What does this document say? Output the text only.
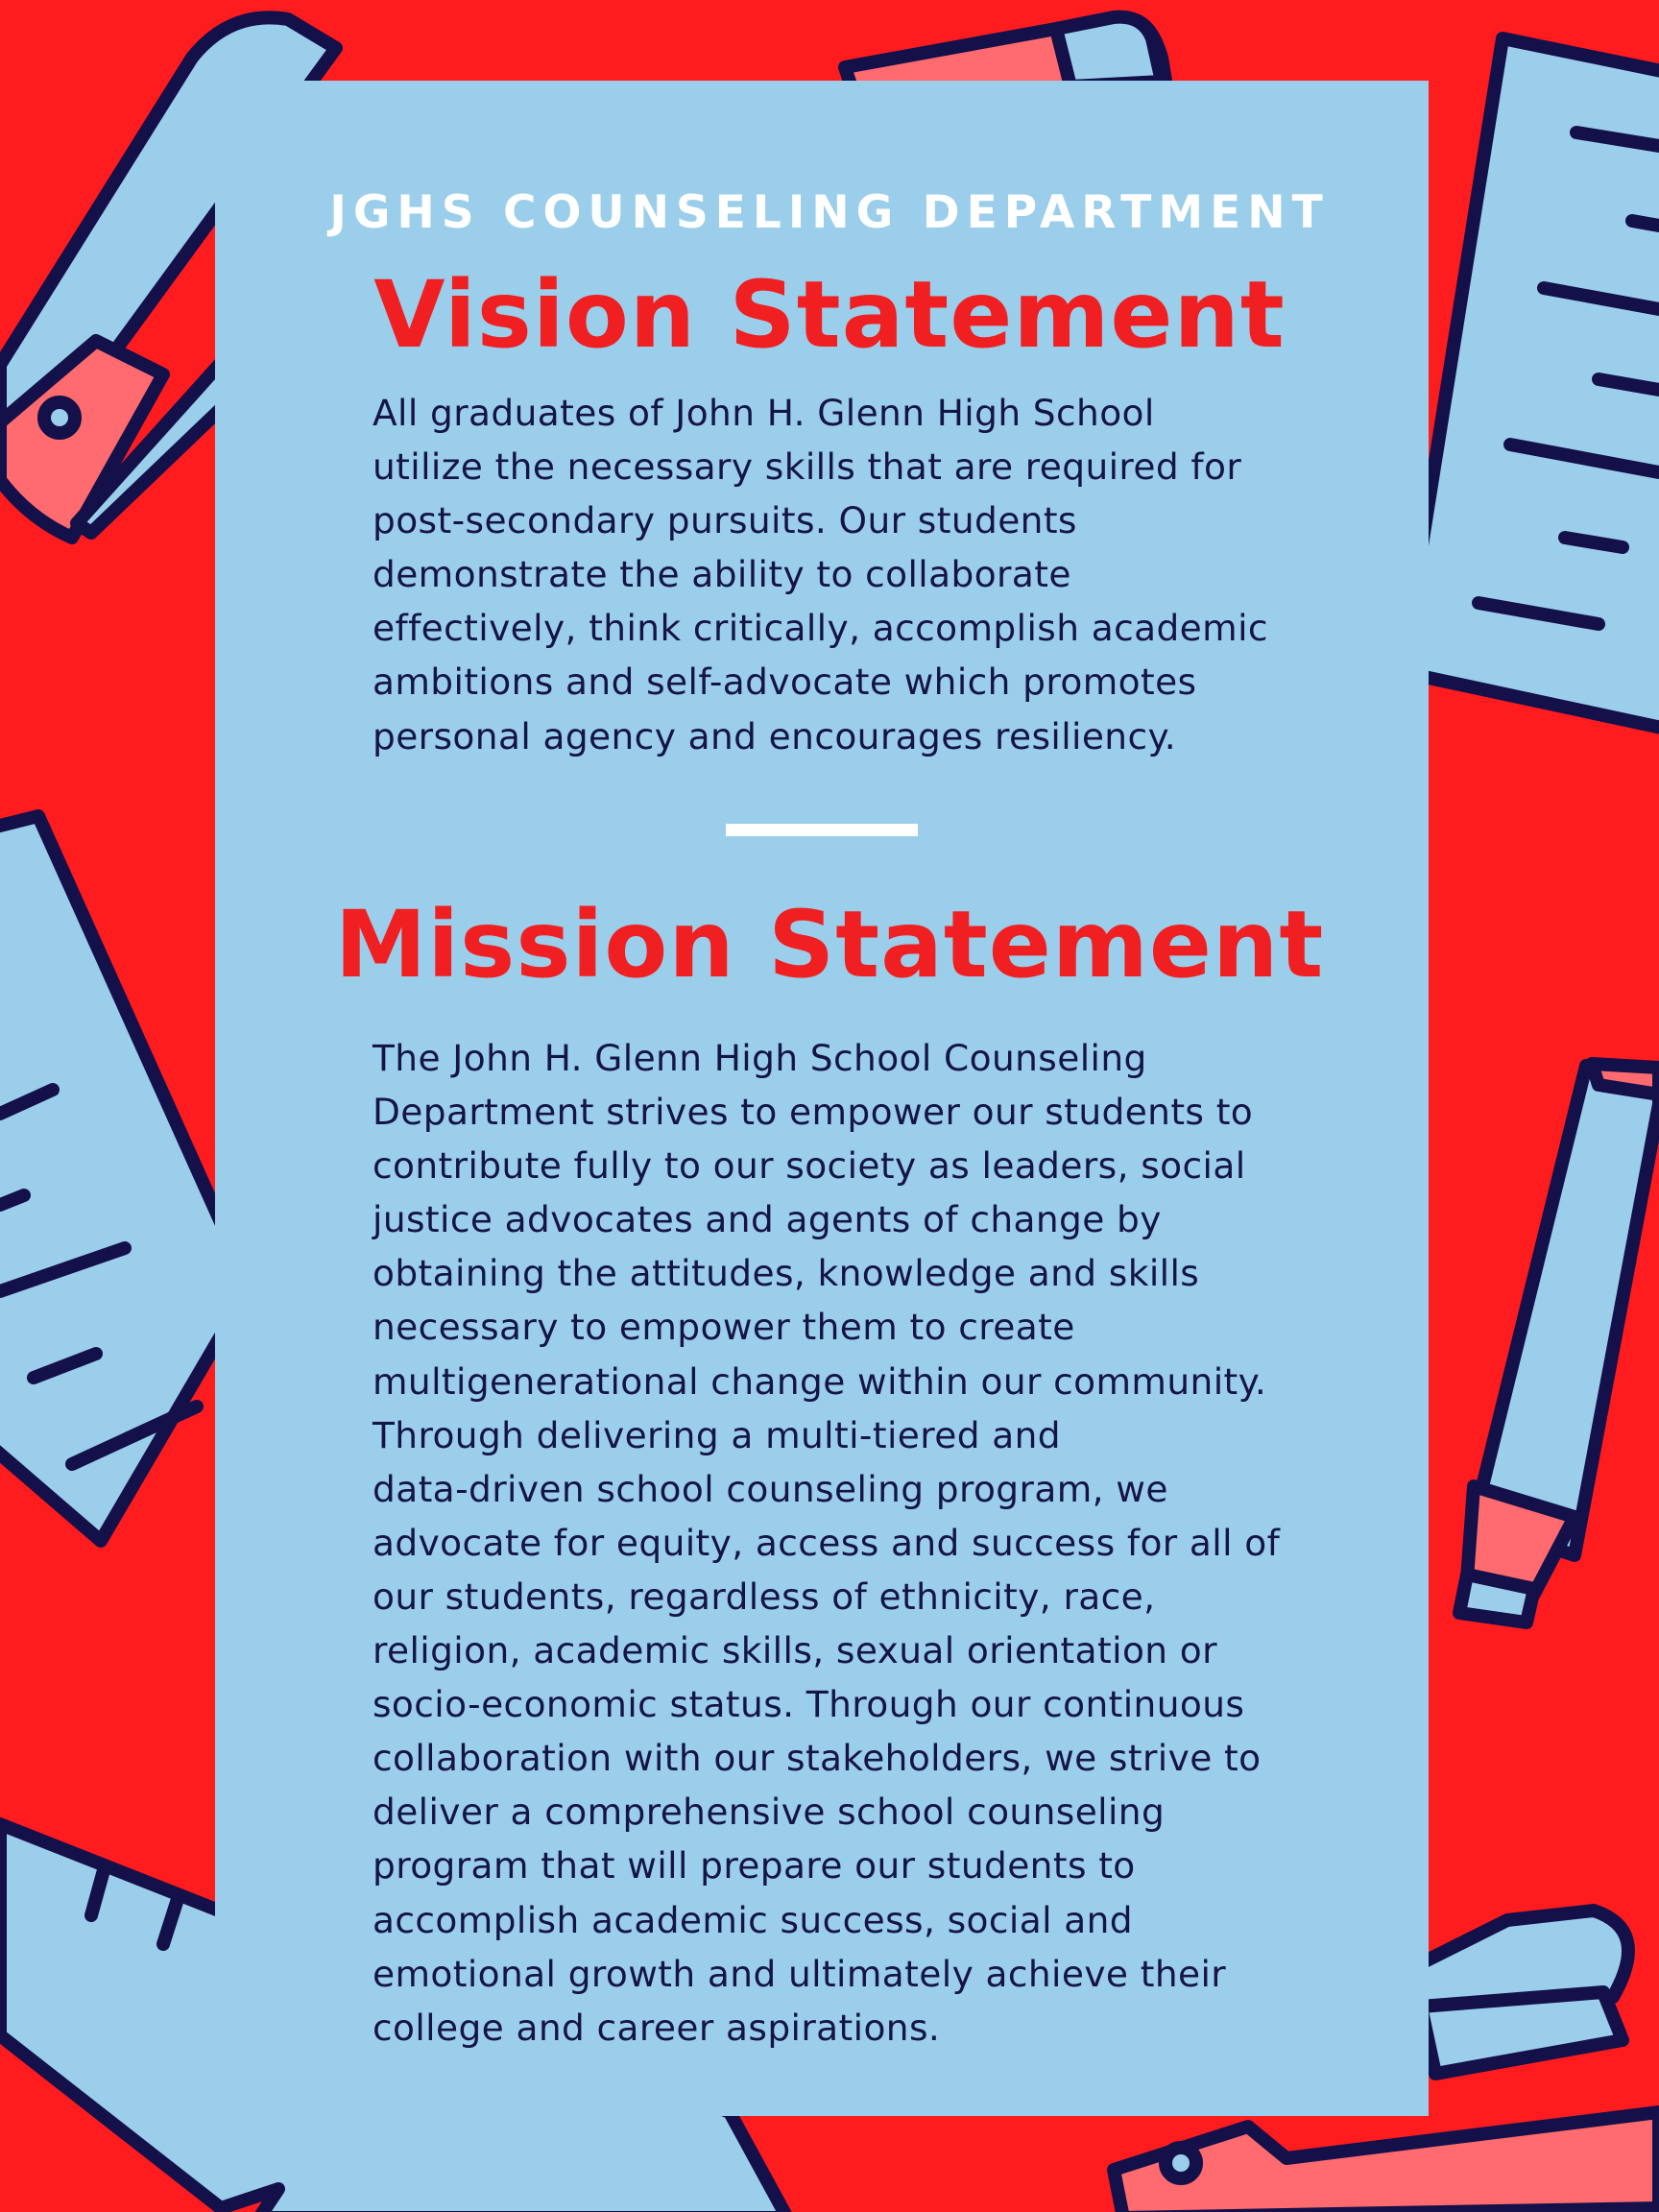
JGHS COUNSELING DEPARTMENT
Vision Statement
All graduates of John H. Glenn High School
utilize the necessary skills that are required for
post-secondary pursuits. Our students
demonstrate the ability to collaborate
effectively, think critically, accomplish academic
ambitions and self-advocate which promotes
personal agency and encourages resiliency.
Mission Statement
The John H. Glenn High School Counseling
Department strives to empower our students to
contribute fully to our society as leaders, social
justice advocates and agents of change by
obtaining the attitudes, knowledge and skills
necessary to empower them to create
multigenerational change within our community.
Through delivering a multi-tiered and
data-driven school counseling program, we
advocate for equity, access and success for all of
our students, regardless of ethnicity, race,
religion, academic skills, sexual orientation or
socio-economic status. Through our continuous
collaboration with our stakeholders, we strive to
deliver a comprehensive school counseling
program that will prepare our students to
accomplish academic success, social and
emotional growth and ultimately achieve their
college and career aspirations.
